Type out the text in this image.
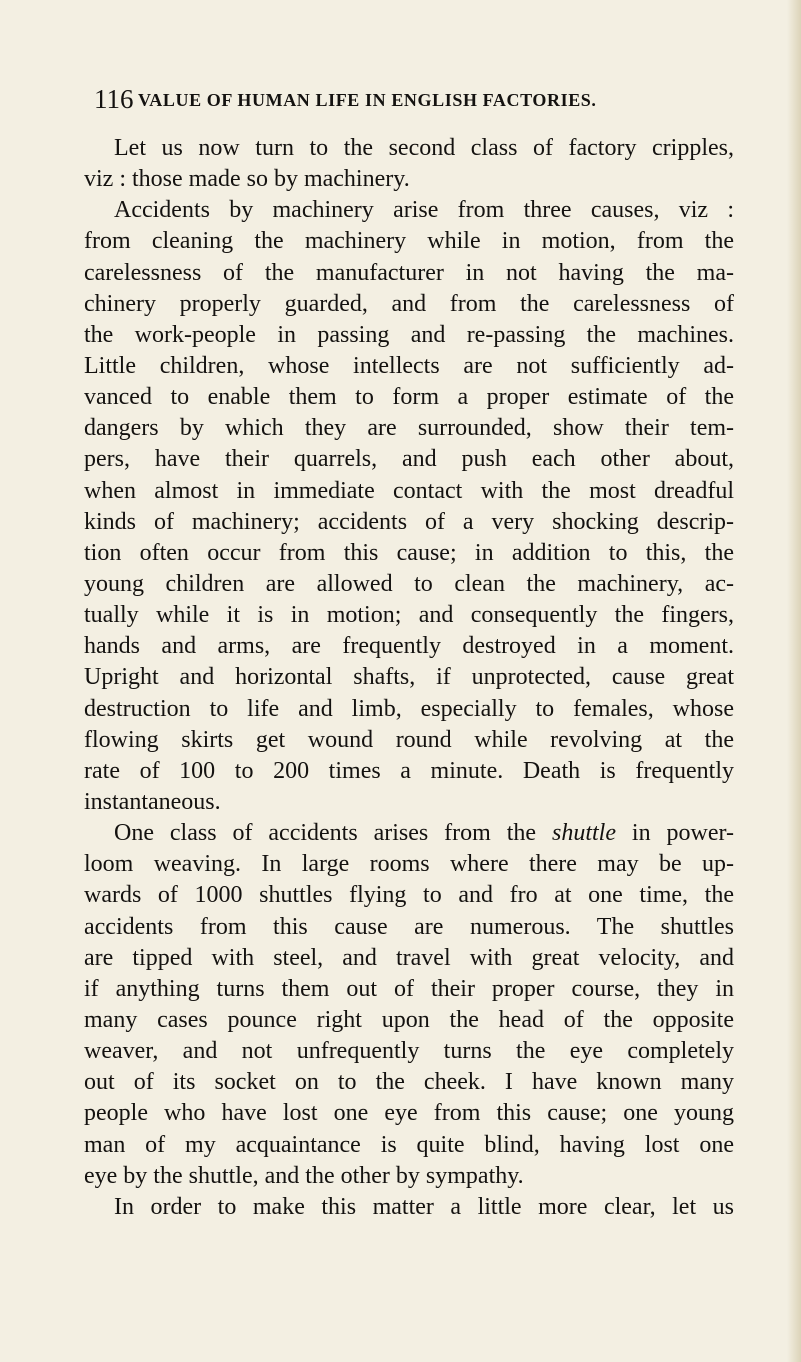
116 VALUE OF HUMAN LIFE IN ENGLISH FACTORIES.
Let us now turn to the second class of factory cripples,
viz : those made so by machinery.
Accidents by machinery arise from three causes, viz :
from cleaning the machinery while in motion, from the
carelessness of the manufacturer in not having the ma-
chinery properly guarded, and from the carelessness of
the work-people in passing and re-passing the machines.
Little children, whose intellects are not sufficiently ad-
vanced to enable them to form a proper estimate of the
dangers by which they are surrounded, show their tem-
pers, have their quarrels, and push each other about,
when almost in immediate contact with the most dreadful
kinds of machinery; accidents of a very shocking descrip-
tion often occur from this cause; in addition to this, the
young children are allowed to clean the machinery, ac-
tually while it is in motion; and consequently the fingers,
hands and arms, are frequently destroyed in a moment.
Upright and horizontal shafts, if unprotected, cause great
destruction to life and limb, especially to females, whose
flowing skirts get wound round while revolving at the
rate of 100 to 200 times a minute. Death is frequently
instantaneous.
One class of accidents arises from the shuttle in power-
loom weaving. In large rooms where there may be up-
wards of 1000 shuttles flying to and fro at one time, the
accidents from this cause are numerous. The shuttles
are tipped with steel, and travel with great velocity, and
if anything turns them out of their proper course, they in
many cases pounce right upon the head of the opposite
weaver, and not unfrequently turns the eye completely
out of its socket on to the cheek. I have known many
people who have lost one eye from this cause; one young
man of my acquaintance is quite blind, having lost one
eye by the shuttle, and the other by sympathy.
In order to make this matter a little more clear, let us
